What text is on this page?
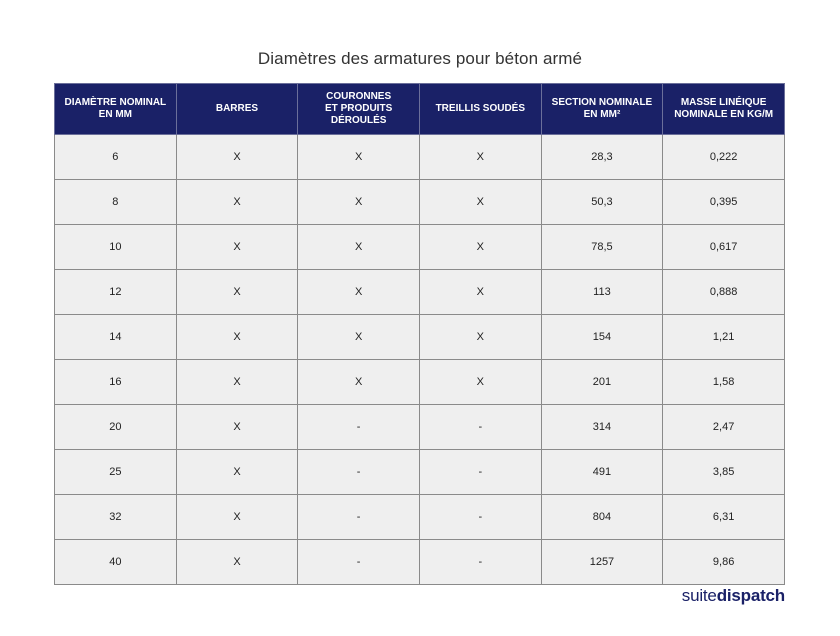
Diamètres des armatures pour béton armé
DIAMÈTRE NOMINAL
EN MM	BARRES	COURONNES
ET PRODUITS
DÉROULÉS	TREILLIS SOUDÉS	SECTION NOMINALE
EN MM²	MASSE LINÉIQUE
NOMINALE EN KG/M
6	X	X	X	28,3	0,222
8	X	X	X	50,3	0,395
10	X	X	X	78,5	0,617
12	X	X	X	113	0,888
14	X	X	X	154	1,21
16	X	X	X	201	1,58
20	X	-	-	314	2,47
25	X	-	-	491	3,85
32	X	-	-	804	6,31
40	X	-	-	1257	9,86
suitedispatch
